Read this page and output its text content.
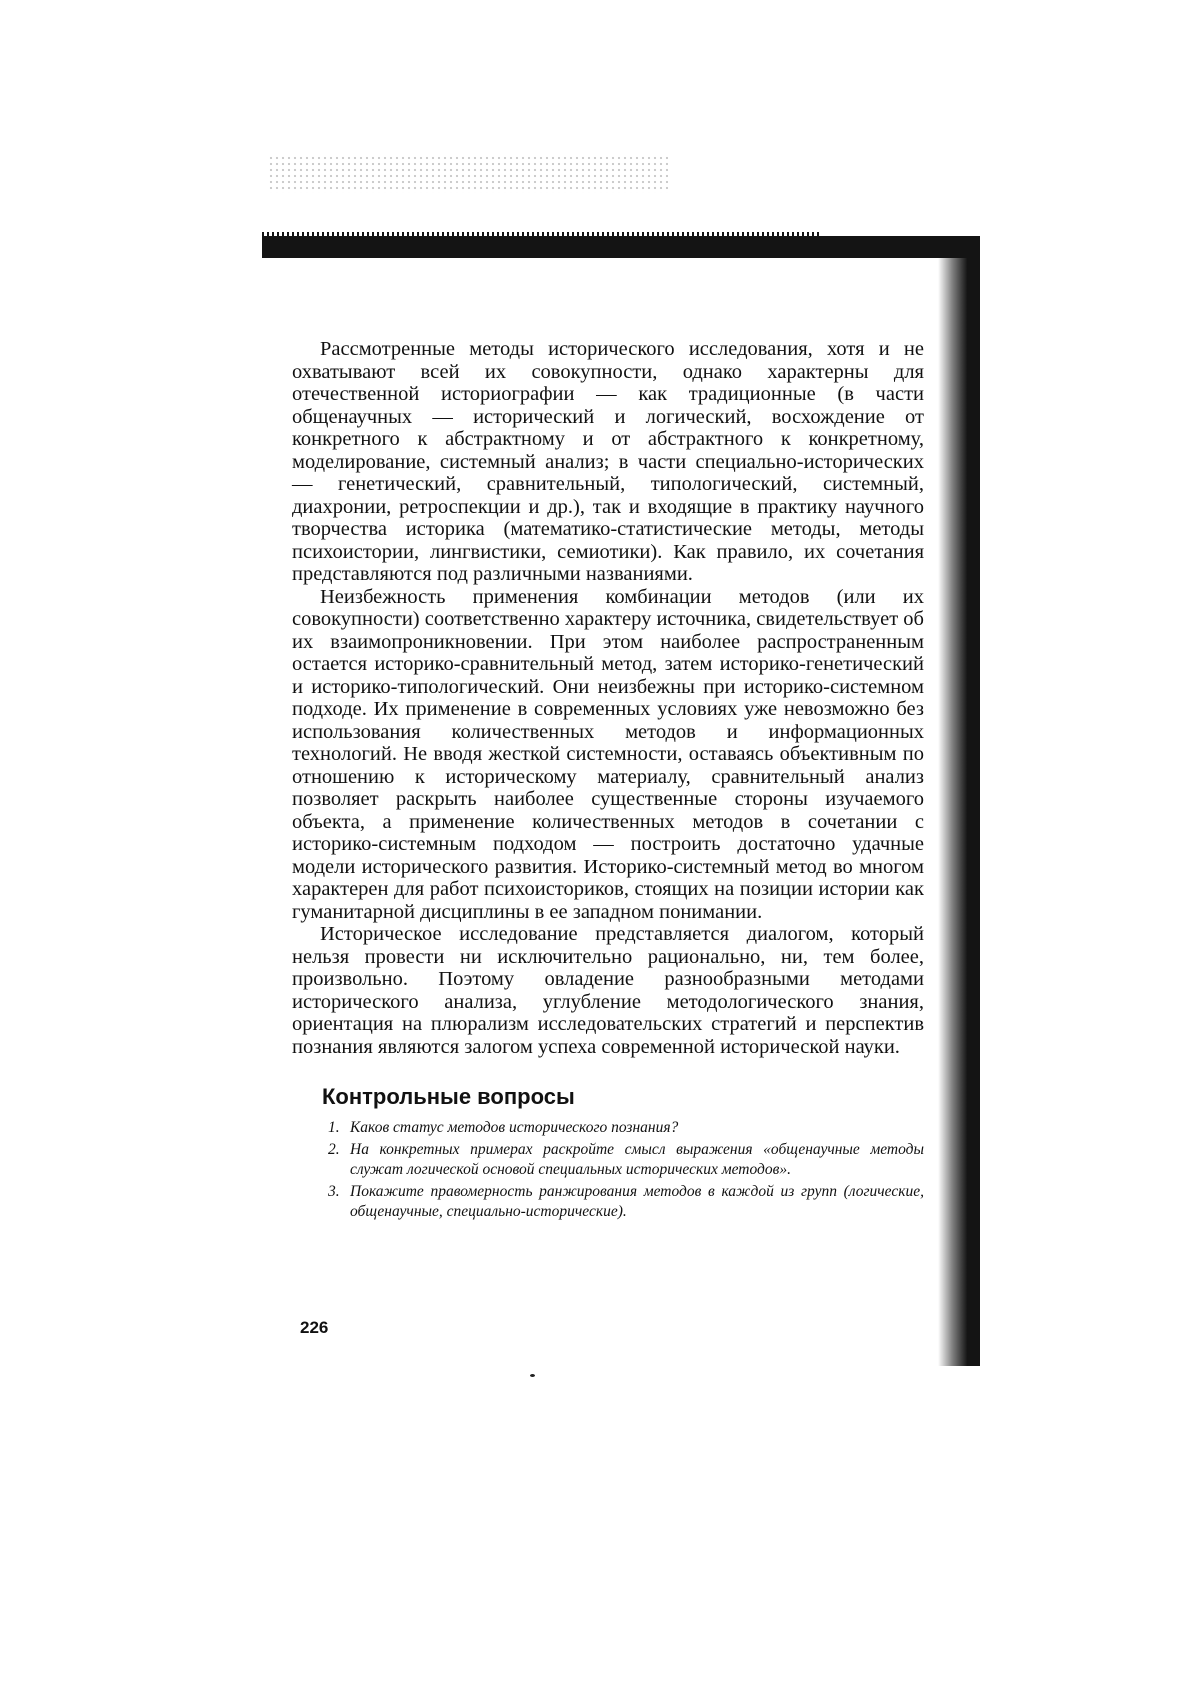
Рассмотренные методы исторического исследования, хотя и не охватывают всей их совокупности, однако характерны для отечественной историографии — как традиционные (в части общенаучных — исторический и логический, восхождение от конкретного к абстрактному и от абстрактного к конкретному, моделирование, системный анализ; в части специально-исторических — генетический, сравнительный, типологический, системный, диахронии, ретроспекции и др.), так и входящие в практику научного творчества историка (математико-статистические методы, методы психоистории, лингвистики, семиотики). Как правило, их сочетания представляются под различными названиями.

Неизбежность применения комбинации методов (или их совокупности) соответственно характеру источника, свидетельствует об их взаимопроникновении. При этом наиболее распространенным остается историко-сравнительный метод, затем историко-генетический и историко-типологический. Они неизбежны при историко-системном подходе. Их применение в современных условиях уже невозможно без использования количественных методов и информационных технологий. Не вводя жесткой системности, оставаясь объективным по отношению к историческому материалу, сравнительный анализ позволяет раскрыть наиболее существенные стороны изучаемого объекта, а применение количественных методов в сочетании с историко-системным подходом — построить достаточно удачные модели исторического развития. Историко-системный метод во многом характерен для работ психоисториков, стоящих на позиции истории как гуманитарной дисциплины в ее западном понимании.

Историческое исследование представляется диалогом, который нельзя провести ни исключительно рационально, ни, тем более, произвольно. Поэтому овладение разнообразными методами исторического анализа, углубление методологического знания, ориентация на плюрализм исследовательских стратегий и перспектив познания являются залогом успеха современной исторической науки.

Контрольные вопросы
1. Каков статус методов исторического познания?
2. На конкретных примерах раскройте смысл выражения «общенаучные методы служат логической основой специальных исторических методов».
3. Покажите правомерность ранжирования методов в каждой из групп (логические, общенаучные, специально-исторические).
226
